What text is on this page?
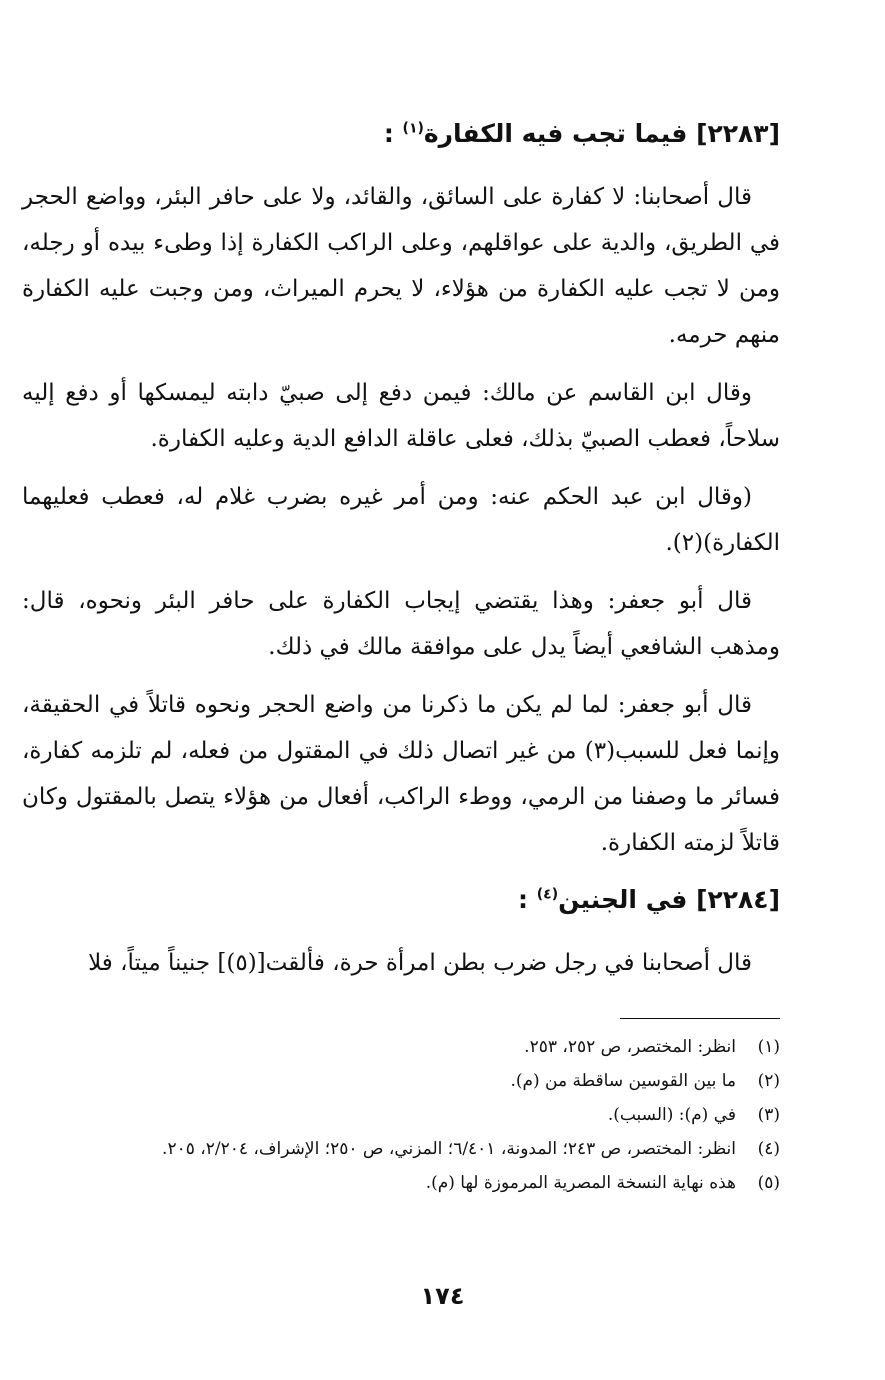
[٢٢٨٣] فيما تجب فيه الكفارة$^{(١)}$ :

قال أصحابنا: لا كفارة على السائق، والقائد، ولا على حافر البئر، وواضع الحجر في الطريق، والدية على عواقلهم، وعلى الراكب الكفارة إذا وطىء بيده أو رجله، ومن لا تجب عليه الكفارة من هؤلاء، لا يحرم الميراث، ومن وجبت عليه الكفارة منهم حرمه.

وقال ابن القاسم عن مالك: فيمن دفع إلى صبيّ دابته ليمسكها أو دفع إليه سلاحاً، فعطب الصبيّ بذلك، فعلى عاقلة الدافع الدية وعليه الكفارة.

(وقال ابن عبد الحكم عنه: ومن أمر غيره بضرب غلام له، فعطب فعليهما الكفارة)(٢).

قال أبو جعفر: وهذا يقتضي إيجاب الكفارة على حافر البئر ونحوه، قال: ومذهب الشافعي أيضاً يدل على موافقة مالك في ذلك.

قال أبو جعفر: لما لم يكن ما ذكرنا من واضع الحجر ونحوه قاتلاً في الحقيقة، وإنما فعل للسبب(٣) من غير اتصال ذلك في المقتول من فعله، لم تلزمه كفارة، فسائر ما وصفنا من الرمي، ووطء الراكب، أفعال من هؤلاء يتصل بالمقتول وكان قاتلاً لزمته الكفارة.

[٢٢٨٤] في الجنين$^{(٤)}$ :

قال أصحابنا في رجل ضرب بطن امرأة حرة، فألقت[(٥)] جنيناً ميتاً، فلا

(١)
انظر: المختصر، ص ٢٥٢، ٢٥٣.
(٢)
ما بين القوسين ساقطة من (م).
(٣)
في (م): (السبب).
(٤)
انظر: المختصر، ص ٢٤٣؛ المدونة، ٦/٤٠١؛ المزني، ص ٢٥٠؛ الإشراف، ٢/٢٠٤، ٢٠٥.
(٥)
هذه نهاية النسخة المصرية المرموزة لها (م).
١٧٤
